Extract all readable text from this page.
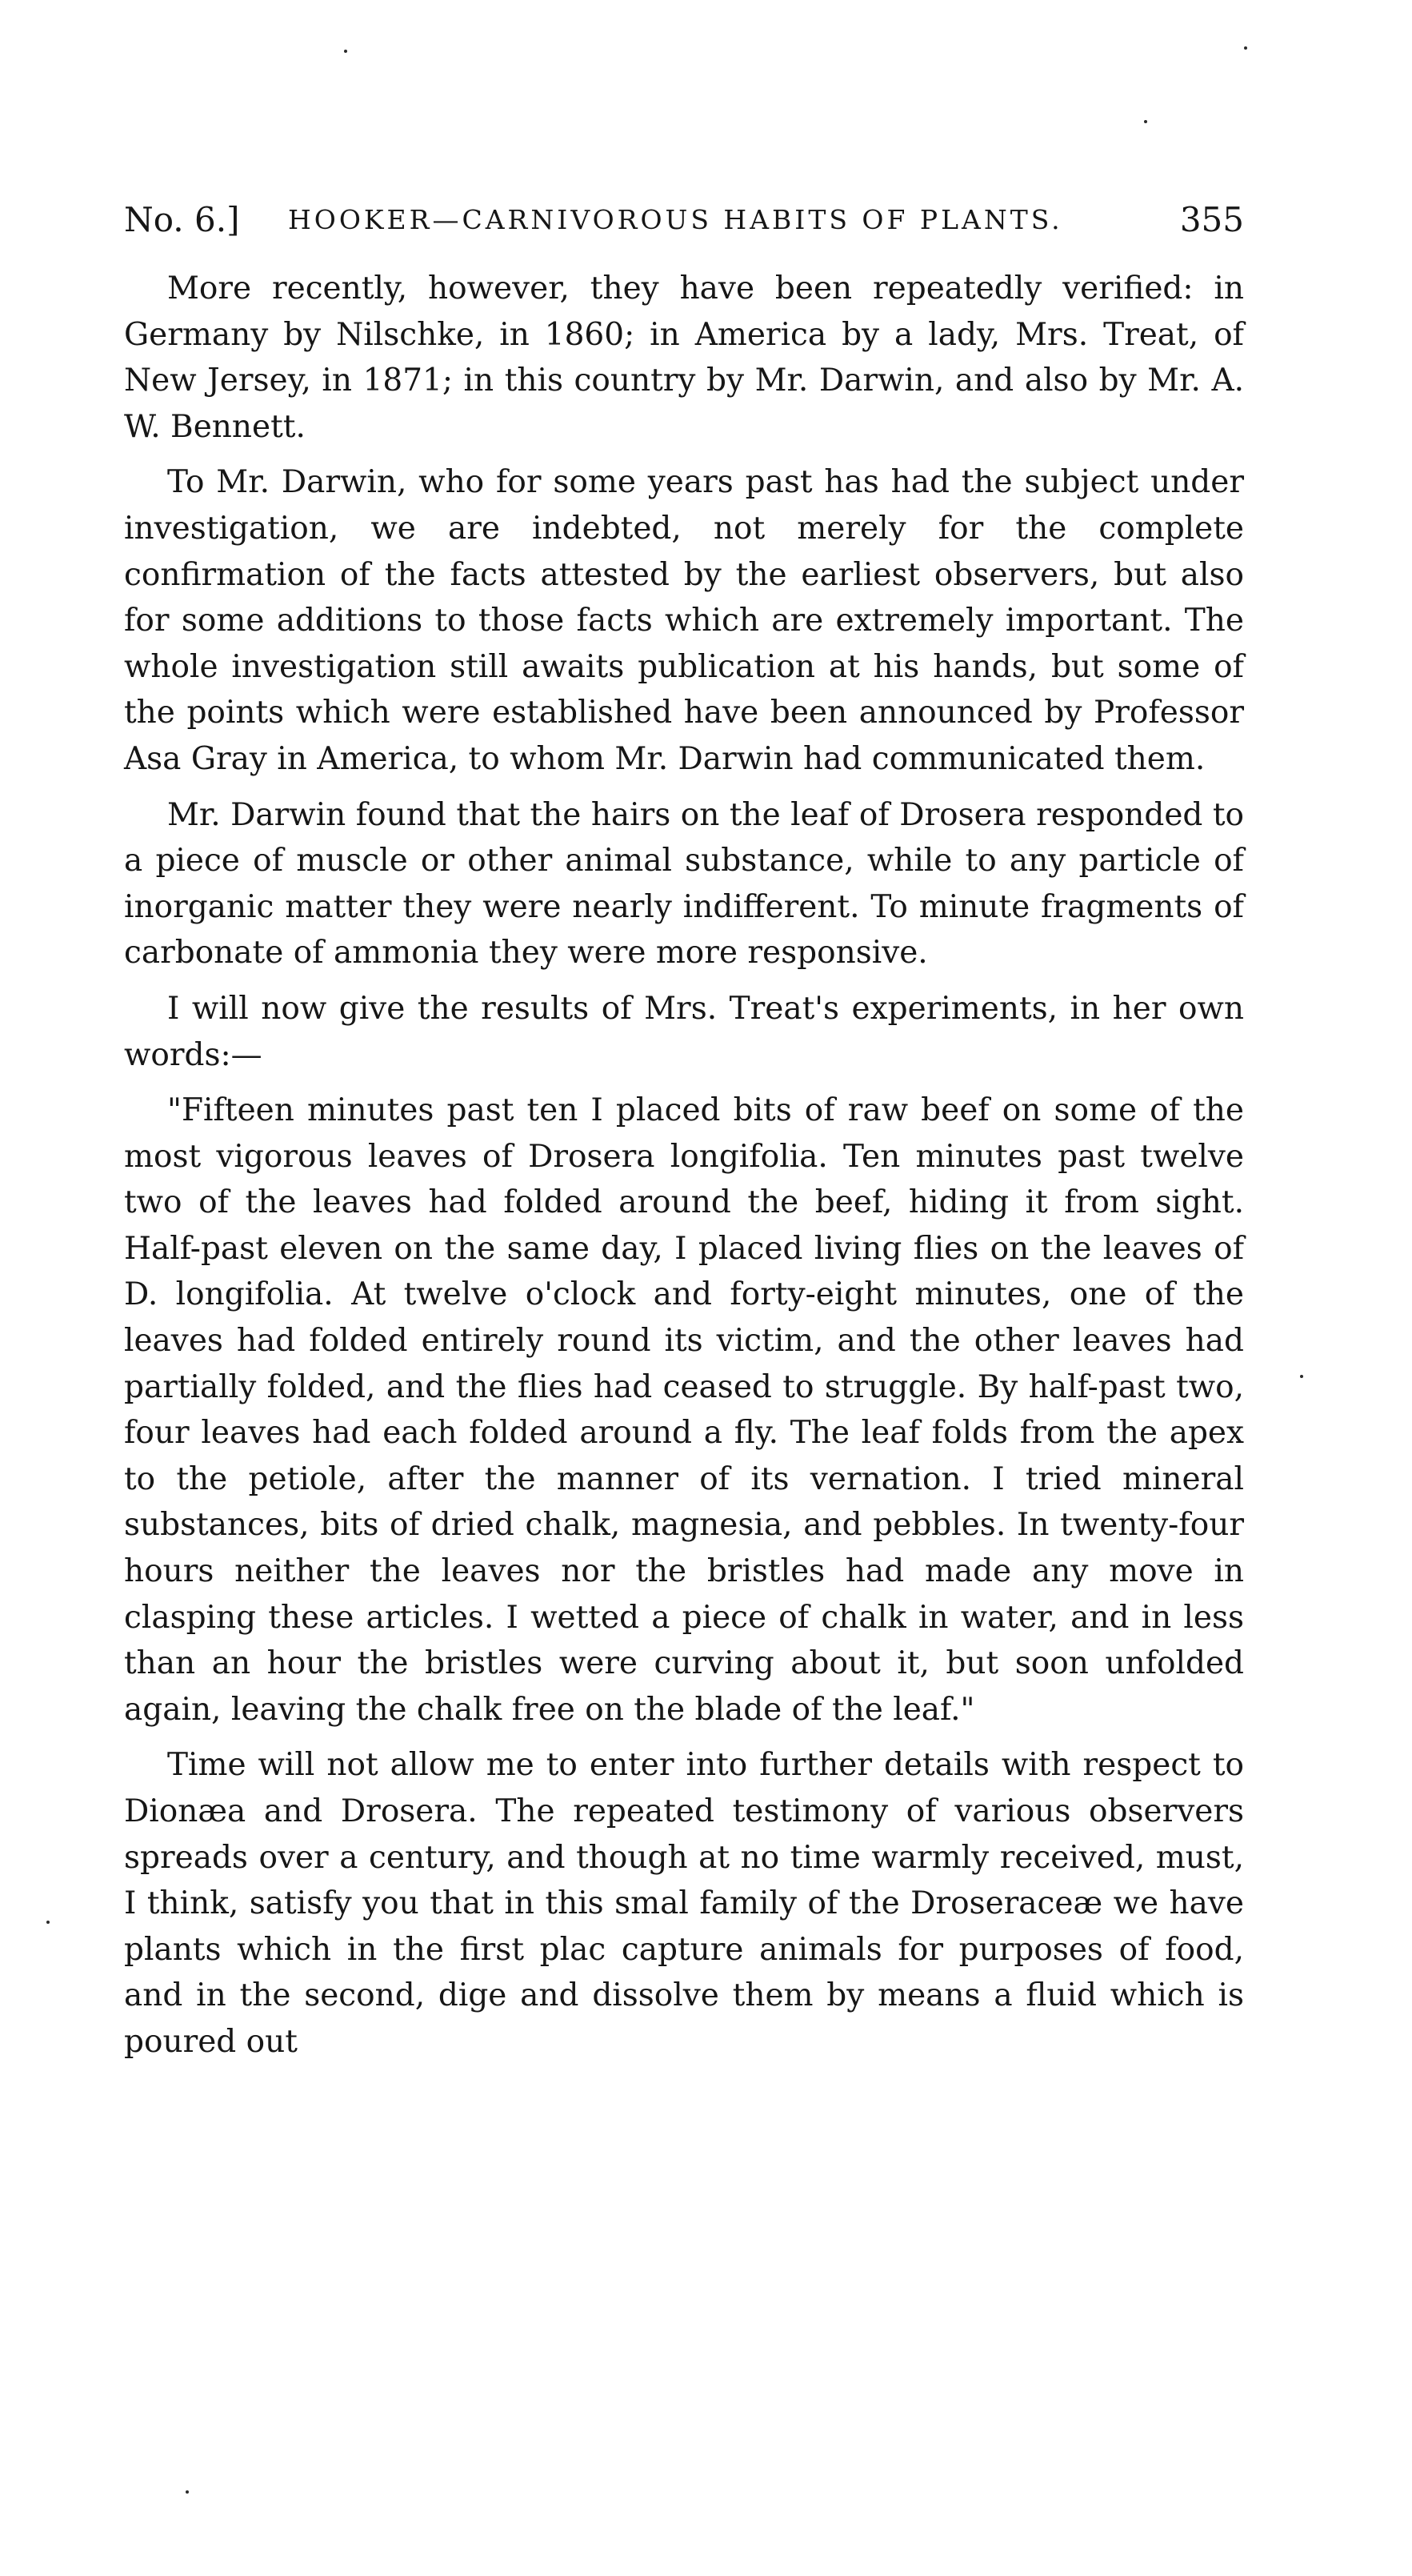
No. 6.] HOOKER—CARNIVOROUS HABITS OF PLANTS.	355

More recently, however, they have been repeatedly verified: in Germany by Nilschke, in 1860; in America by a lady, Mrs. Treat, of New Jersey, in 1871; in this country by Mr. Darwin, and also by Mr. A. W. Bennett.

To Mr. Darwin, who for some years past has had the subject under investigation, we are indebted, not merely for the complete confirmation of the facts attested by the earliest observers, but also for some additions to those facts which are extremely important. The whole investigation still awaits publication at his hands, but some of the points which were established have been announced by Professor Asa Gray in America, to whom Mr. Darwin had communicated them.

Mr. Darwin found that the hairs on the leaf of Drosera responded to a piece of muscle or other animal substance, while to any particle of inorganic matter they were nearly indifferent. To minute fragments of carbonate of ammonia they were more responsive.

I will now give the results of Mrs. Treat's experiments, in her own words:—

"Fifteen minutes past ten I placed bits of raw beef on some of the most vigorous leaves of Drosera longifolia. Ten minutes past twelve two of the leaves had folded around the beef, hiding it from sight. Half-past eleven on the same day, I placed living flies on the leaves of D. longifolia. At twelve o'clock and forty-eight minutes, one of the leaves had folded entirely round its victim, and the other leaves had partially folded, and the flies had ceased to struggle. By half-past two, four leaves had each folded around a fly. The leaf folds from the apex to the petiole, after the manner of its vernation. I tried mineral substances, bits of dried chalk, magnesia, and pebbles. In twenty-four hours neither the leaves nor the bristles had made any move in clasping these articles. I wetted a piece of chalk in water, and in less than an hour the bristles were curving about it, but soon unfolded again, leaving the chalk free on the blade of the leaf."

Time will not allow me to enter into further details with respect to Dionæa and Drosera. The repeated testimony of various observers spreads over a century, and though at no time warmly received, must, I think, satisfy you that in this smal family of the Droseraceæ we have plants which in the first plac capture animals for purposes of food, and in the second, dige and dissolve them by means a fluid which is poured out
